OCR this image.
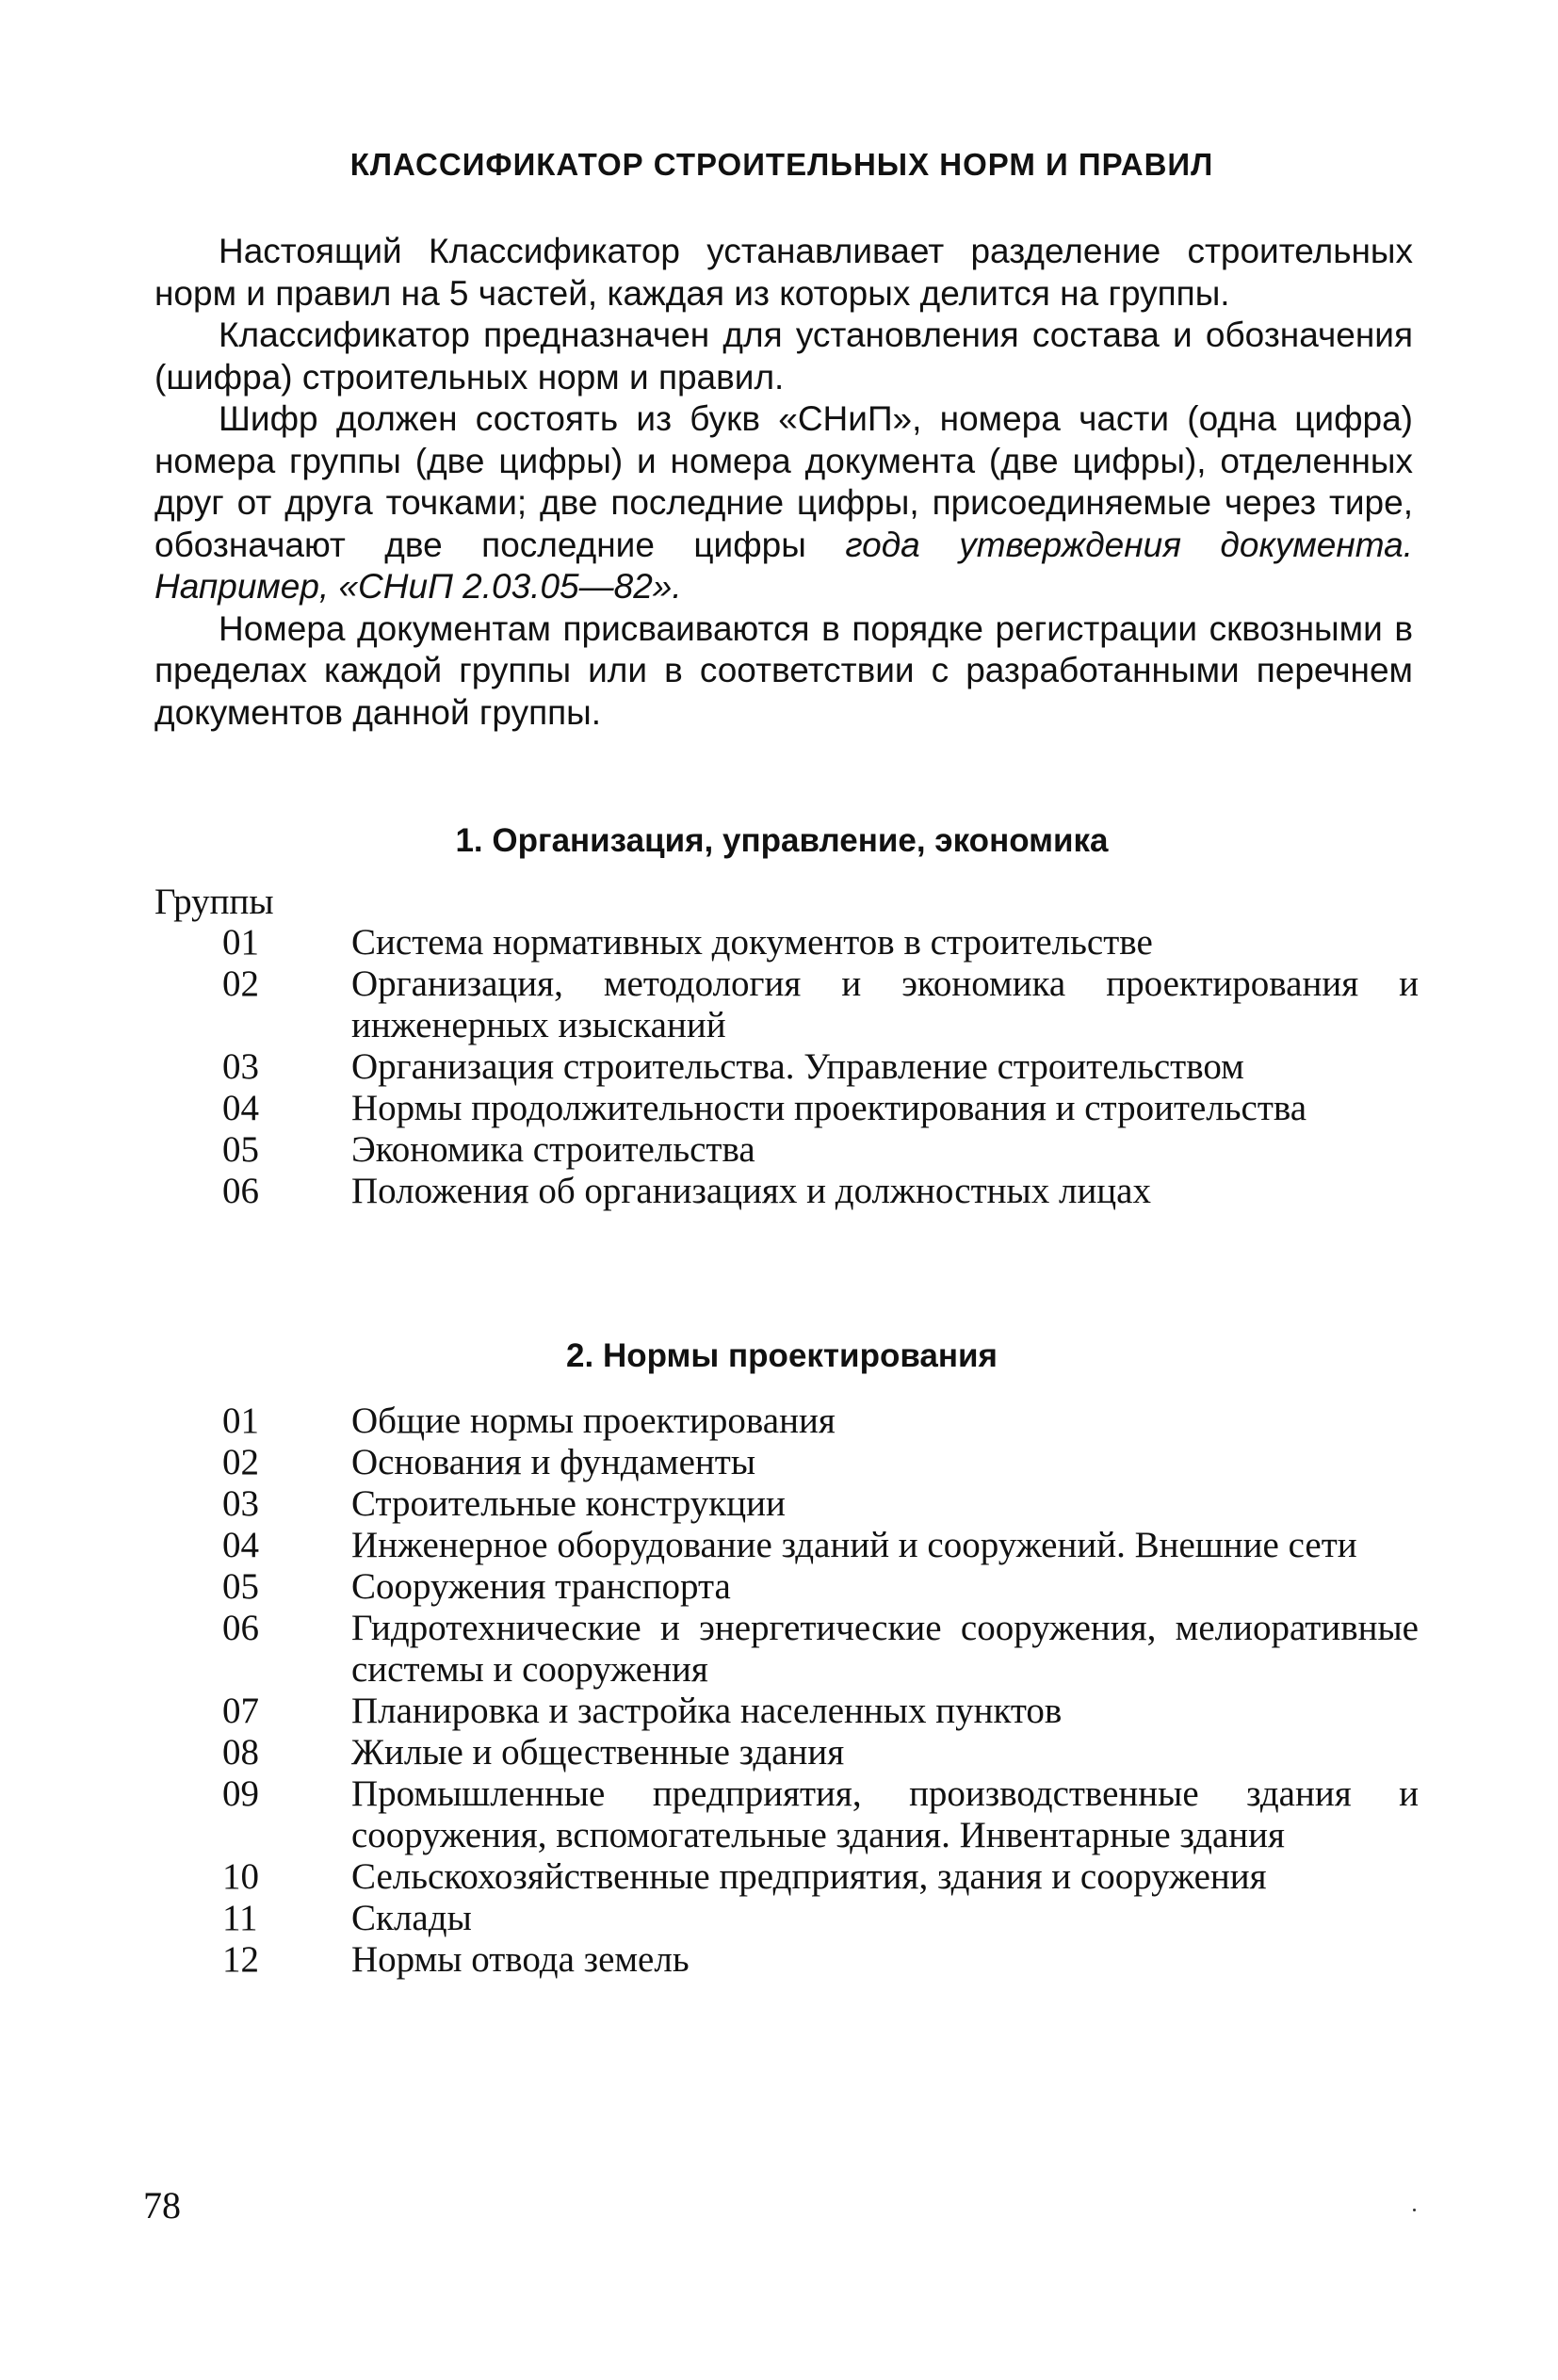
КЛАССИФИКАТОР СТРОИТЕЛЬНЫХ НОРМ И ПРАВИЛ

Настоящий Классификатор устанавливает разделение строительных норм и правил на 5 частей, каждая из которых делится на группы.

Классификатор предназначен для установления состава и обозначения (шифра) строительных норм и правил.

Шифр должен состоять из букв «СНиП», номера части (одна цифра) номера группы (две цифры) и номера документа (две цифры), отделенных друг от друга точками; две последние цифры, присоединяемые через тире, обозначают две последние цифры года утверждения документа. Например, «СНиП 2.03.05—82».

Номера документам присваиваются в порядке регистрации сквозными в пределах каждой группы или в соответствии с разработанными перечнем документов данной группы.

1. Организация, управление, экономика
Группы
01	Система нормативных документов в строительстве
02	Организация, методология и экономика проектирования и инженерных изысканий
03	Организация строительства. Управление строительством
04	Нормы продолжительности проектирования и строительства
05	Экономика строительства
06	Положения об организациях и должностных лицах
2. Нормы проектирования
01	Общие нормы проектирования
02	Основания и фундаменты
03	Строительные конструкции
04	Инженерное оборудование зданий и сооружений. Внешние сети
05	Сооружения транспорта
06	Гидротехнические и энергетические сооружения, мелиоративные системы и сооружения
07	Планировка и застройка населенных пунктов
08	Жилые и общественные здания
09	Промышленные предприятия, производственные здания и сооружения, вспомогательные здания. Инвентарные здания
10	Сельскохозяйственные предприятия, здания и сооружения
11	Склады
12	Нормы отвода земель
78
